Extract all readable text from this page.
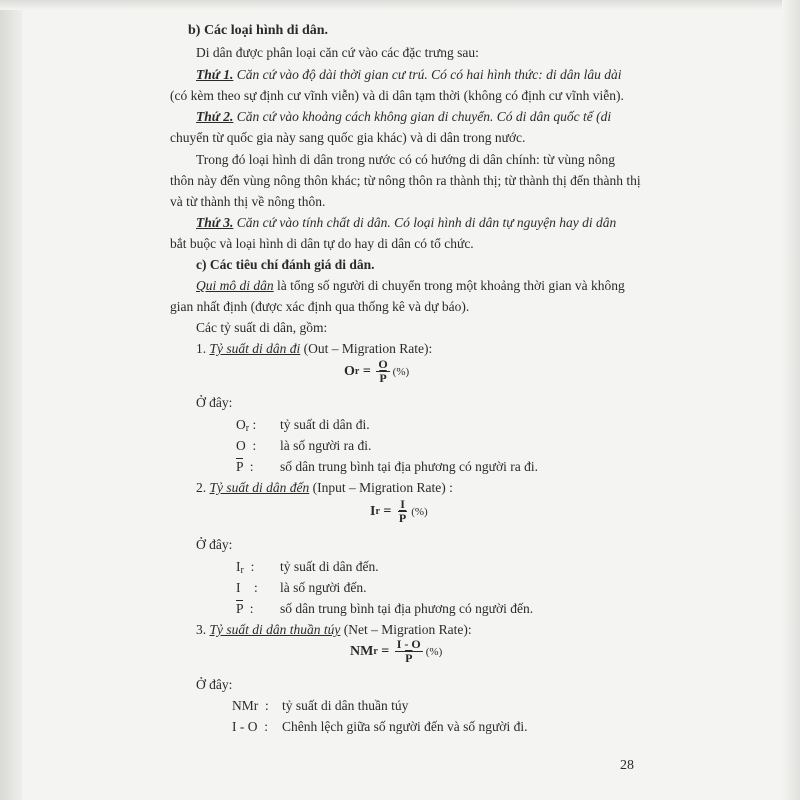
b) Các loại hình di dân.
Di dân được phân loại căn cứ vào các đặc trưng sau:
Thứ 1. Căn cứ vào độ dài thời gian cư trú. Có có hai hình thức: di dân lâu dài
(có kèm theo sự định cư vĩnh viễn) và di dân tạm thời (không có định cư vĩnh viễn).
Thứ 2. Căn cứ vào khoảng cách không gian di chuyển. Có di dân quốc tế (di
chuyển từ quốc gia này sang quốc gia khác) và di dân trong nước.
Trong đó loại hình di dân trong nước có có hướng di dân chính: từ vùng nông
thôn này đến vùng nông thôn khác; từ nông thôn ra thành thị; từ thành thị đến thành thị
và từ thành thị về nông thôn.
Thứ 3. Căn cứ vào tính chất di dân. Có loại hình di dân tự nguyện hay di dân
bắt buộc và loại hình di dân tự do hay di dân có tổ chức.
c) Các tiêu chí đánh giá di dân.
Qui mô di dân là tổng số người di chuyển trong một khoảng thời gian và không
gian nhất định (được xác định qua thống kê và dự báo).
Các tỷ suất di dân, gồm:
1. Tỷ suất di dân đi (Out – Migration Rate):
O $r = \frac{O}{P}$ (%)
Ở đây:
$O_r$ : tỷ suất di dân đi.
O  : là số người ra đi.
$\overline{P}$  : số dân trung bình tại địa phương có người ra đi.
2. Tỷ suất di dân đến (Input – Migration Rate) :
I $r = \frac{I}{P}$ (%)
Ở đây:
$I_r$  : tỷ suất di dân đến.
I    : là số người đến.
$\overline{P}$  : số dân trung bình tại địa phương có người đến.
3. Tỷ suất di dân thuần túy (Net – Migration Rate):
NM $r = \frac{I - O}{P}$ (%)
Ở đây:
NMr  : tỷ suất di dân thuần túy
I - O  : Chênh lệch giữa số người đến và số người đi.
28
